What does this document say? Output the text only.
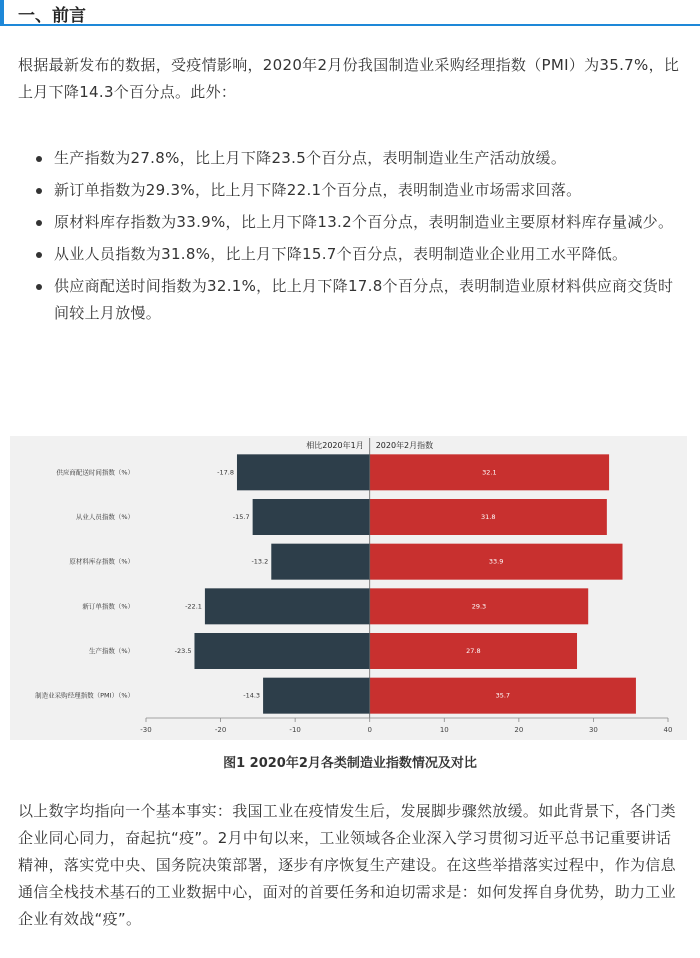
一、前言

根据最新发布的数据，受疫情影响，2020年2月份我国制造业采购经理指数（PMI）为35.7%，比上月下降14.3个百分点。此外：

生产指数为27.8%，比上月下降23.5个百分点，表明制造业生产活动放缓。
新订单指数为29.3%，比上月下降22.1个百分点，表明制造业市场需求回落。
原材料库存指数为33.9%，比上月下降13.2个百分点，表明制造业主要原材料库存量减少。
从业人员指数为31.8%，比上月下降15.7个百分点，表明制造业企业用工水平降低。
供应商配送时间指数为32.1%，比上月下降17.8个百分点，表明制造业原材料供应商交货时间较上月放慢。
相比2020年1月 2020年2月指数
供应商配送时间指数（%）	-17.8	32.1
从业人员指数（%）	-15.7	31.8
原材料库存指数（%）	-13.2	33.9
新订单指数（%）	-22.1	29.3
生产指数（%）	-23.5	27.8
制造业采购经理指数（PMI）（%）	-14.3	35.7
-30	-20	-10	0	10	20	30	40
图1 2020年2月各类制造业指数情况及对比

以上数字均指向一个基本事实：我国工业在疫情发生后，发展脚步骤然放缓。如此背景下，各门类企业同心同力，奋起抗“疫”。2月中旬以来，工业领域各企业深入学习贯彻习近平总书记重要讲话精神，落实党中央、国务院决策部署，逐步有序恢复生产建设。在这些举措落实过程中，作为信息通信全栈技术基石的工业数据中心，面对的首要任务和迫切需求是：如何发挥自身优势，助力工业企业有效战“疫”。
